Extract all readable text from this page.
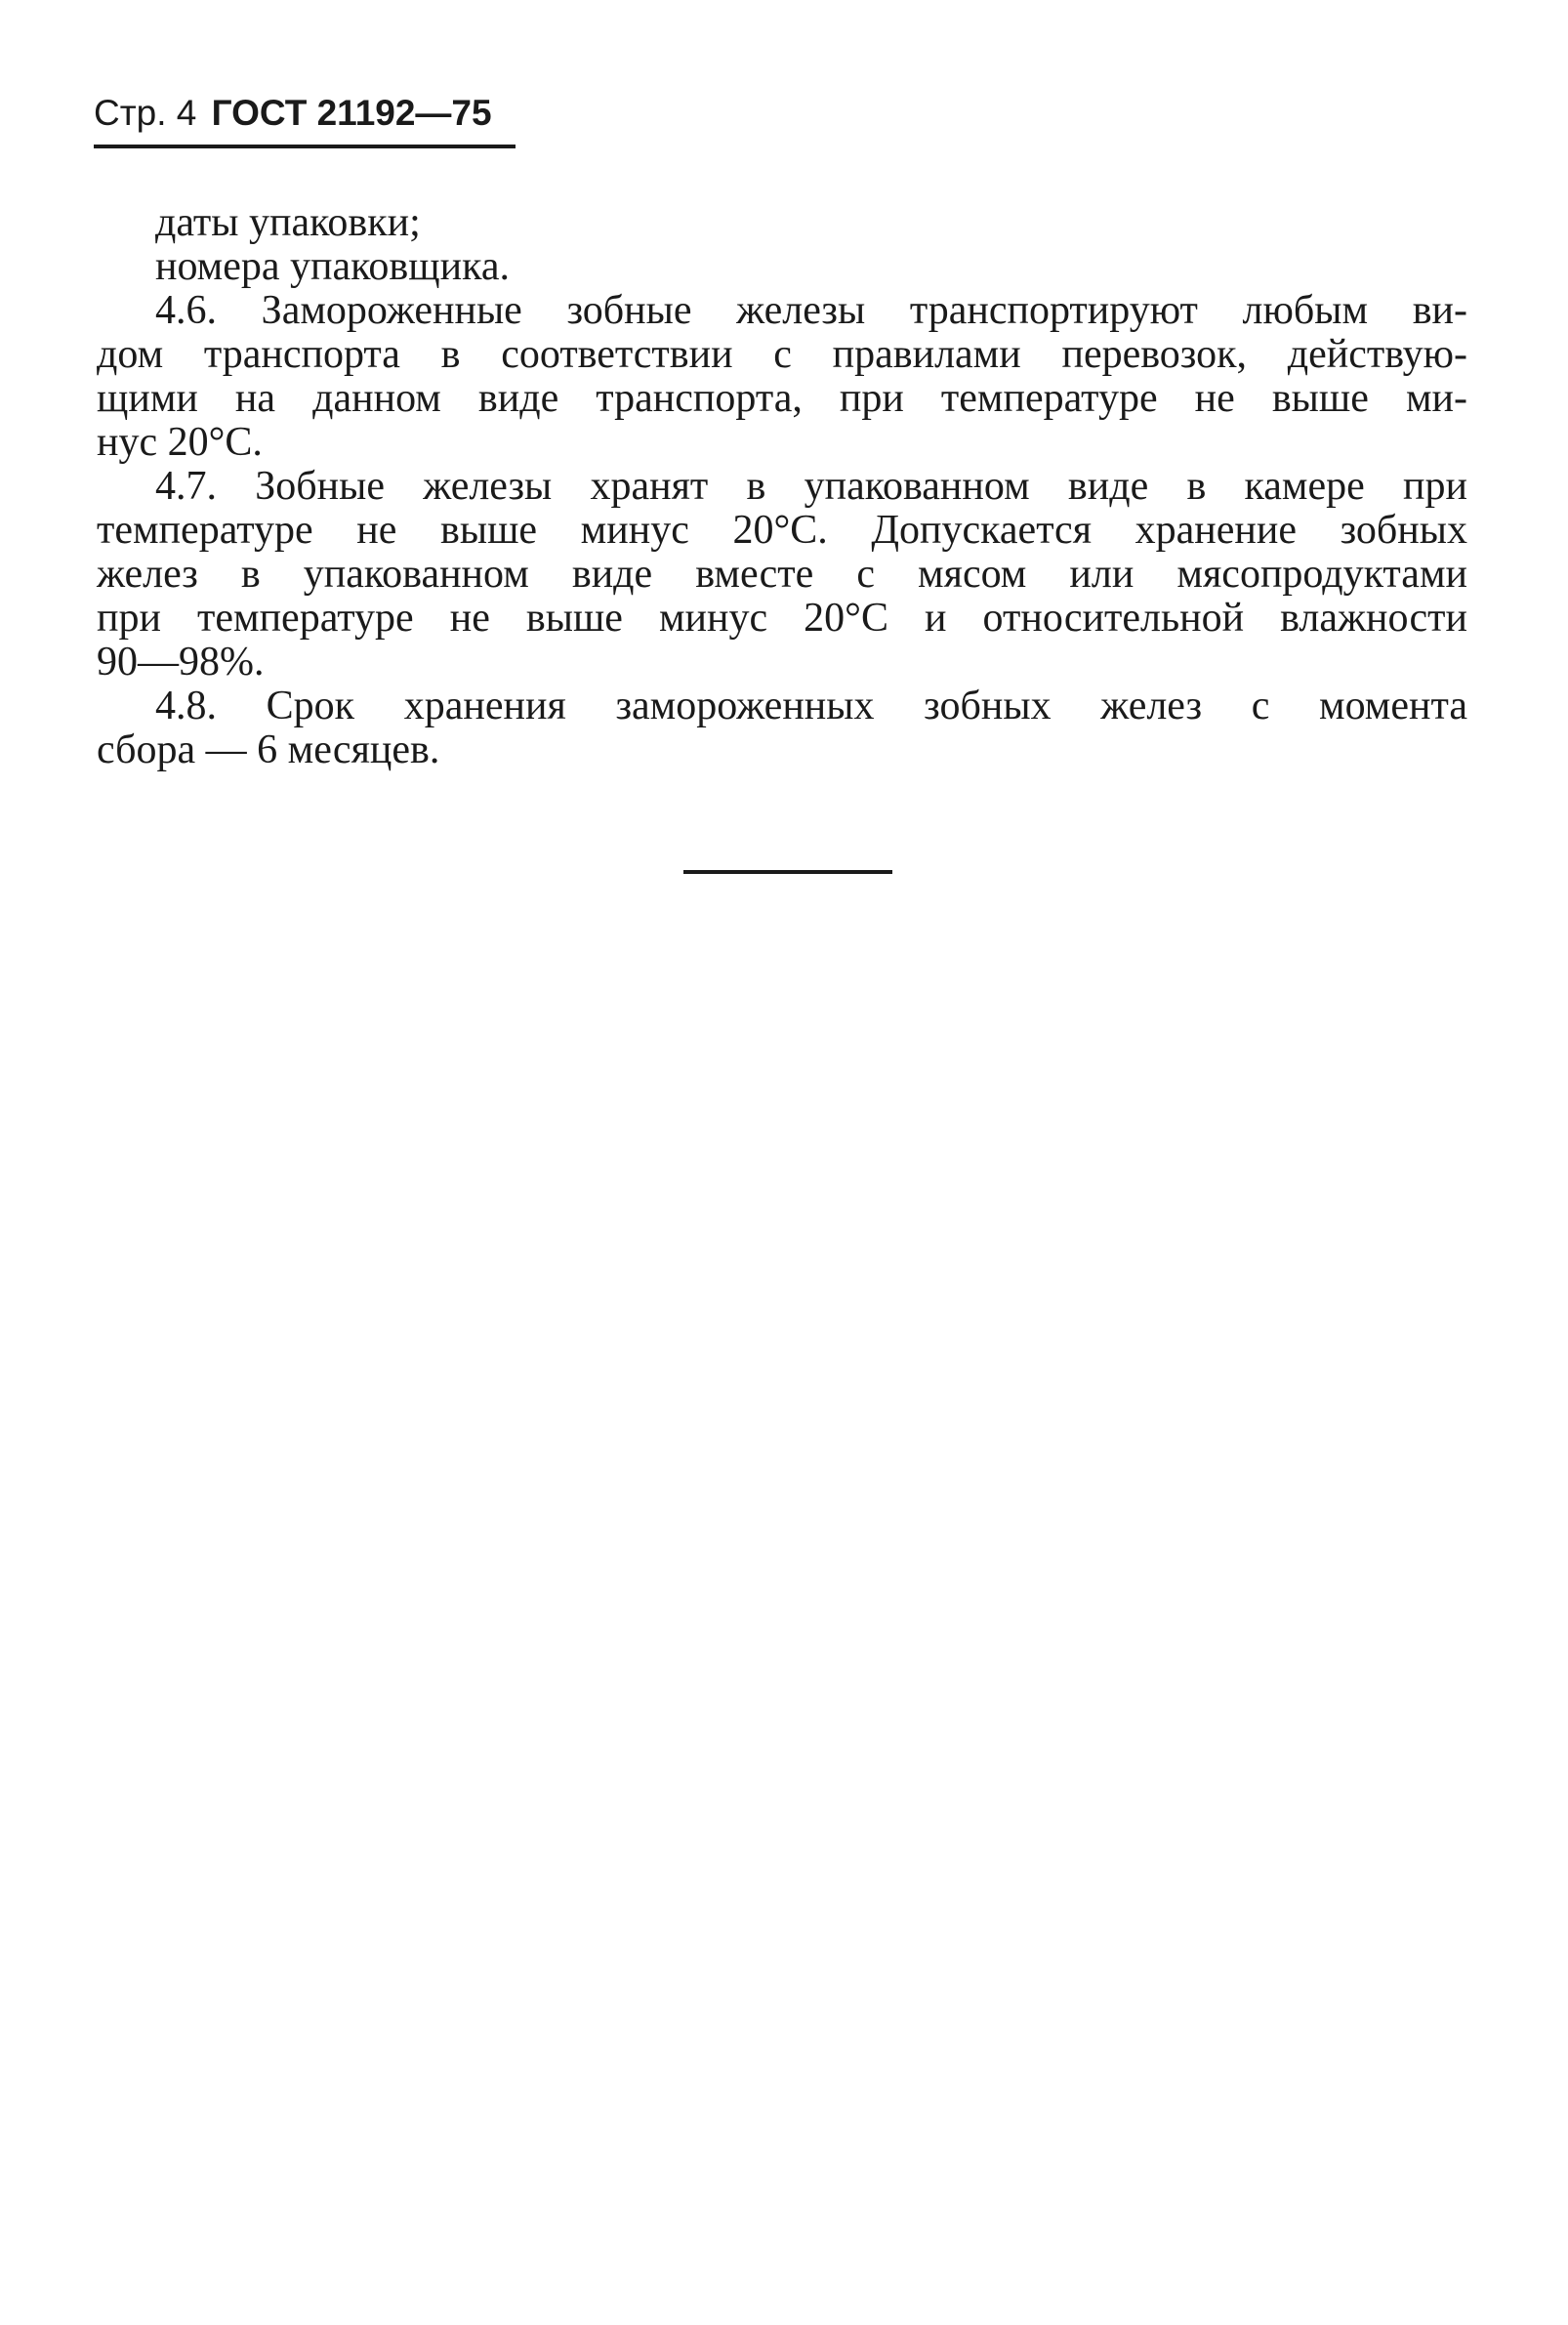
Стр. 4 ГОСТ 21192—75
даты упаковки;
номера упаковщика.
4.6. Замороженные зобные железы транспортируют любым ви-
дом транспорта в соответствии с правилами перевозок, действую-
щими на данном виде транспорта, при температуре не выше ми-
нус 20°С.
4.7. Зобные железы хранят в упакованном виде в камере при
температуре не выше минус 20°С. Допускается хранение зобных
желез в упакованном виде вместе с мясом или мясопродуктами
при температуре не выше минус 20°С и относительной влажности
90—98%.
4.8. Срок хранения замороженных зобных желез с момента
сбора — 6 месяцев.
